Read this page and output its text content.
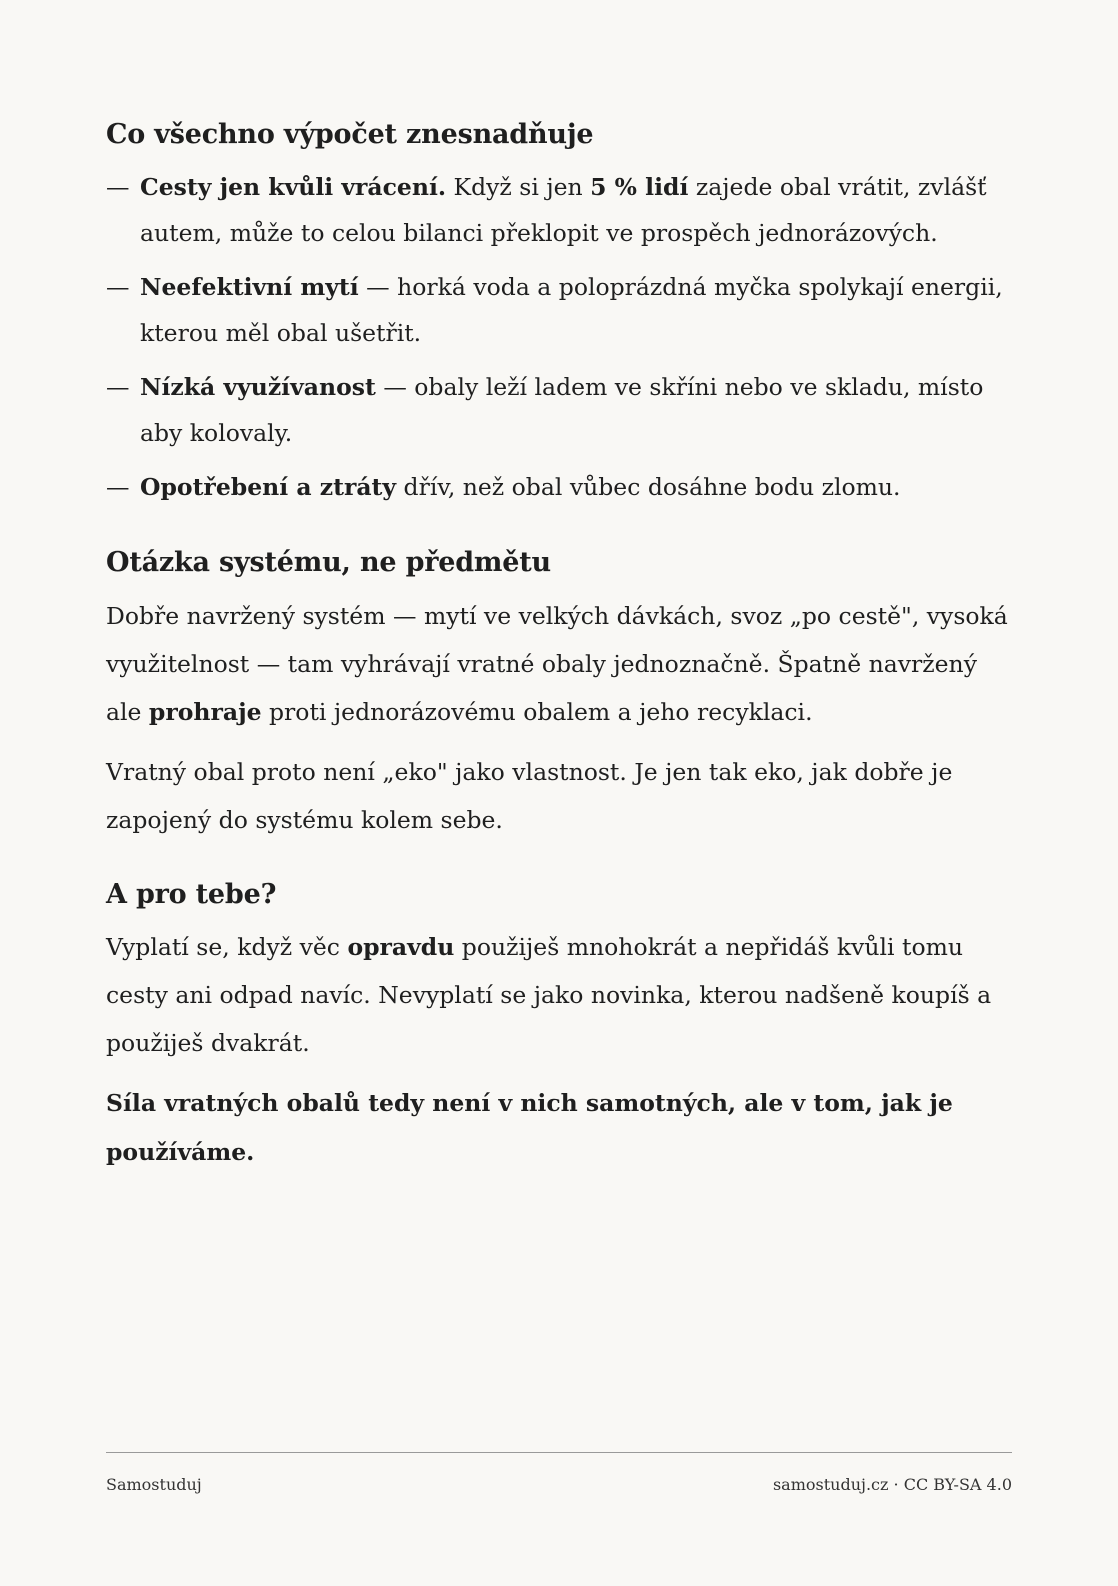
Co všechno výpočet znesnadňuje
— Cesty jen kvůli vrácení. Když si jen 5 % lidí zajede obal vrátit, zvlášť autem, může to celou bilanci překlopit ve prospěch jednorázových.
— Neefektivní mytí — horká voda a poloprázdná myčka spolykají energii, kterou měl obal ušetřit.
— Nízká využívanost — obaly leží ladem ve skříni nebo ve skladu, místo aby kolovaly.
— Opotřebení a ztráty dřív, než obal vůbec dosáhne bodu zlomu.
Otázka systému, ne předmětu

Dobře navržený systém — mytí ve velkých dávkách, svoz „po cestě", vysoká využitelnost — tam vyhrávají vratné obaly jednoznačně. Špatně navržený ale prohraje proti jednorázovému obalem a jeho recyklaci.

Vratný obal proto není „eko" jako vlastnost. Je jen tak eko, jak dobře je zapojený do systému kolem sebe.

A pro tebe?

Vyplatí se, když věc opravdu použiješ mnohokrát a nepřidáš kvůli tomu cesty ani odpad navíc. Nevyplatí se jako novinka, kterou nadšeně koupíš a použiješ dvakrát.

Síla vratných obalů tedy není v nich samotných, ale v tom, jak je používáme.

Samostuduj	samostuduj.cz · CC BY-SA 4.0
